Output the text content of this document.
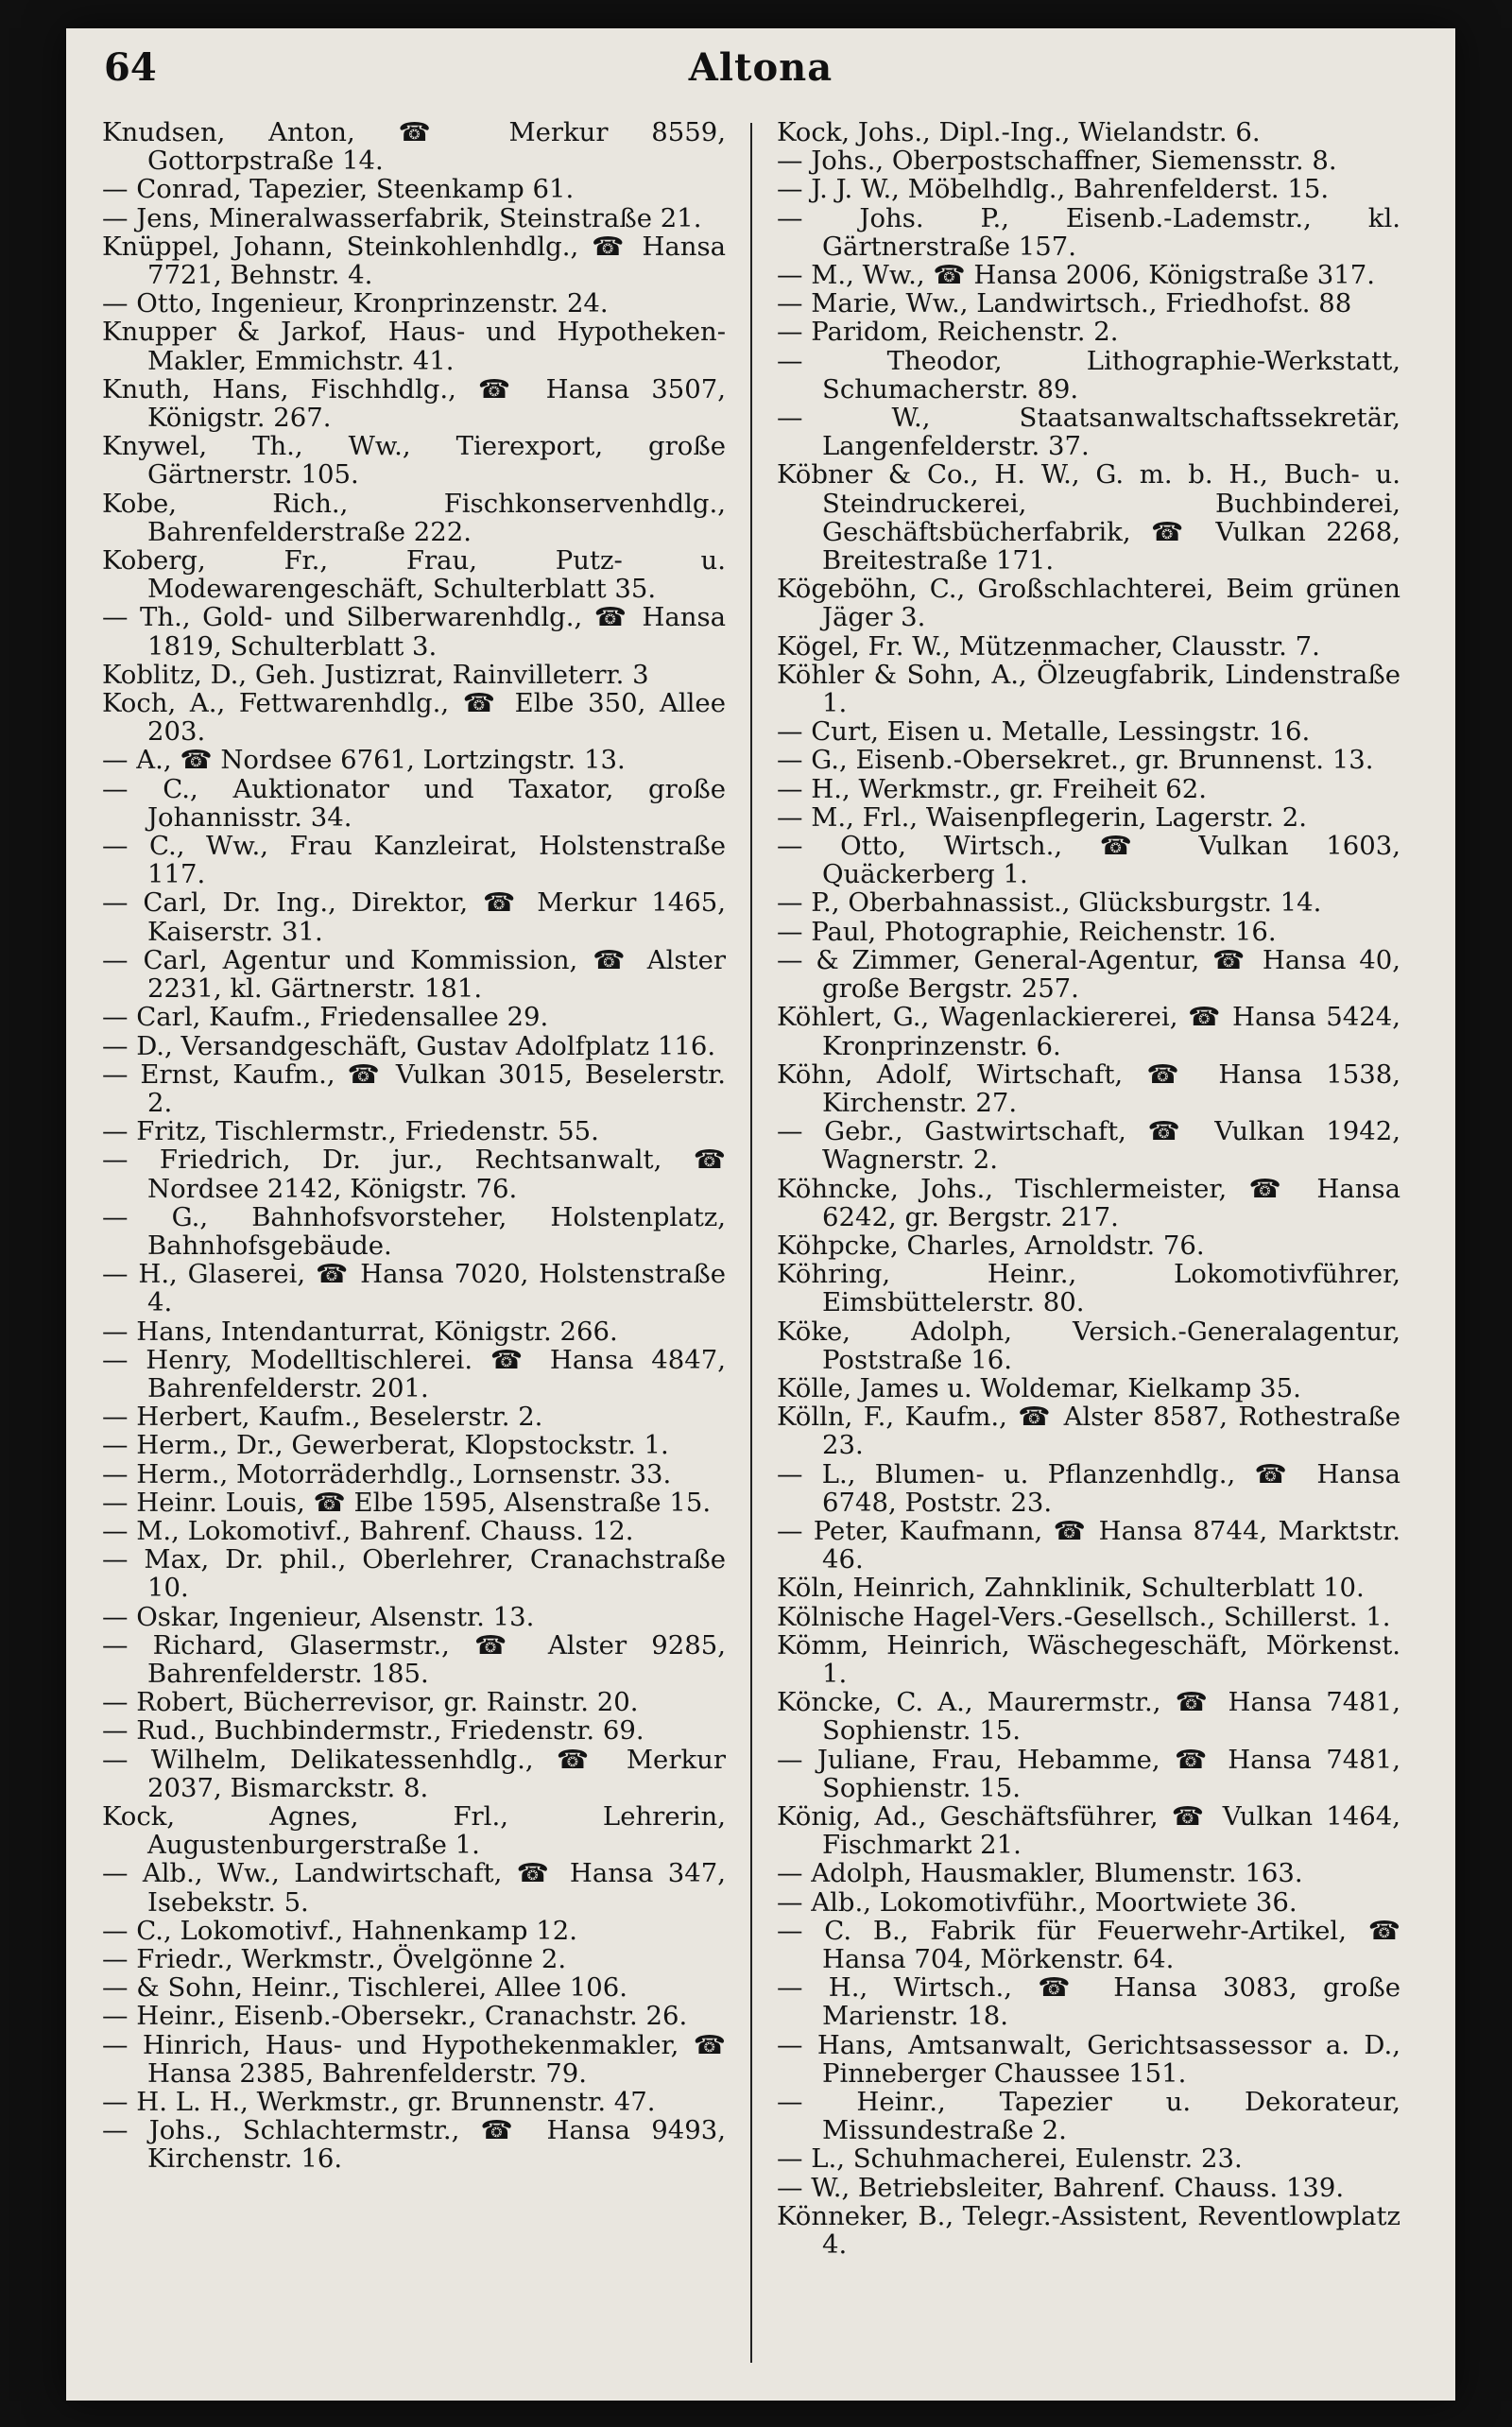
64	Altona

Knudsen, Anton, ☎ Merkur 8559, Gottorpstraße 14.

— Conrad, Tapezier, Steenkamp 61.

— Jens, Mineralwasserfabrik, Steinstraße 21.

Knüppel, Johann, Steinkohlenhdlg., ☎ Hansa 7721, Behnstr. 4.

— Otto, Ingenieur, Kronprinzenstr. 24.

Knupper & Jarkof, Haus- und Hypotheken-Makler, Emmichstr. 41.

Knuth, Hans, Fischhdlg., ☎ Hansa 3507, Königstr. 267.

Knywel, Th., Ww., Tierexport, große Gärtnerstr. 105.

Kobe, Rich., Fischkonservenhdlg., Bahrenfelderstraße 222.

Koberg, Fr., Frau, Putz- u. Modewarengeschäft, Schulterblatt 35.

— Th., Gold- und Silberwarenhdlg., ☎ Hansa 1819, Schulterblatt 3.

Koblitz, D., Geh. Justizrat, Rainvilleterr. 3

Koch, A., Fettwarenhdlg., ☎ Elbe 350, Allee 203.

— A., ☎ Nordsee 6761, Lortzingstr. 13.

— C., Auktionator und Taxator, große Johannisstr. 34.

— C., Ww., Frau Kanzleirat, Holstenstraße 117.

— Carl, Dr. Ing., Direktor, ☎ Merkur 1465, Kaiserstr. 31.

— Carl, Agentur und Kommission, ☎ Alster 2231, kl. Gärtnerstr. 181.

— Carl, Kaufm., Friedensallee 29.

— D., Versandgeschäft, Gustav Adolfplatz 116.

— Ernst, Kaufm., ☎ Vulkan 3015, Beselerstr. 2.

— Fritz, Tischlermstr., Friedenstr. 55.

— Friedrich, Dr. jur., Rechtsanwalt, ☎ Nordsee 2142, Königstr. 76.

— G., Bahnhofsvorsteher, Holstenplatz, Bahnhofsgebäude.

— H., Glaserei, ☎ Hansa 7020, Holstenstraße 4.

— Hans, Intendanturrat, Königstr. 266.

— Henry, Modelltischlerei. ☎ Hansa 4847, Bahrenfelderstr. 201.

— Herbert, Kaufm., Beselerstr. 2.

— Herm., Dr., Gewerberat, Klopstockstr. 1.

— Herm., Motorräderhdlg., Lornsenstr. 33.

— Heinr. Louis, ☎ Elbe 1595, Alsenstraße 15.

— M., Lokomotivf., Bahrenf. Chauss. 12.

— Max, Dr. phil., Oberlehrer, Cranachstraße 10.

— Oskar, Ingenieur, Alsenstr. 13.

— Richard, Glasermstr., ☎ Alster 9285, Bahrenfelderstr. 185.

— Robert, Bücherrevisor, gr. Rainstr. 20.

— Rud., Buchbindermstr., Friedenstr. 69.

— Wilhelm, Delikatessenhdlg., ☎ Merkur 2037, Bismarckstr. 8.

Kock, Agnes, Frl., Lehrerin, Augustenburgerstraße 1.

— Alb., Ww., Landwirtschaft, ☎ Hansa 347, Isebekstr. 5.

— C., Lokomotivf., Hahnenkamp 12.

— Friedr., Werkmstr., Övelgönne 2.

— & Sohn, Heinr., Tischlerei, Allee 106.

— Heinr., Eisenb.-Obersekr., Cranachstr. 26.

— Hinrich, Haus- und Hypothekenmakler, ☎ Hansa 2385, Bahrenfelderstr. 79.

— H. L. H., Werkmstr., gr. Brunnenstr. 47.

— Johs., Schlachtermstr., ☎ Hansa 9493, Kirchenstr. 16.

Kock, Johs., Dipl.-Ing., Wielandstr. 6.

— Johs., Oberpostschaffner, Siemensstr. 8.

— J. J. W., Möbelhdlg., Bahrenfelderst. 15.

— Johs. P., Eisenb.-Lademstr., kl. Gärtnerstraße 157.

— M., Ww., ☎ Hansa 2006, Königstraße 317.

— Marie, Ww., Landwirtsch., Friedhofst. 88

— Paridom, Reichenstr. 2.

— Theodor, Lithographie-Werkstatt, Schumacherstr. 89.

— W., Staatsanwaltschaftssekretär, Langenfelderstr. 37.

Köbner & Co., H. W., G. m. b. H., Buch- u. Steindruckerei, Buchbinderei, Geschäftsbücherfabrik, ☎ Vulkan 2268, Breitestraße 171.

Kögeböhn, C., Großschlachterei, Beim grünen Jäger 3.

Kögel, Fr. W., Mützenmacher, Clausstr. 7.

Köhler & Sohn, A., Ölzeugfabrik, Lindenstraße 1.

— Curt, Eisen u. Metalle, Lessingstr. 16.

— G., Eisenb.-Obersekret., gr. Brunnenst. 13.

— H., Werkmstr., gr. Freiheit 62.

— M., Frl., Waisenpflegerin, Lagerstr. 2.

— Otto, Wirtsch., ☎ Vulkan 1603, Quäckerberg 1.

— P., Oberbahnassist., Glücksburgstr. 14.

— Paul, Photographie, Reichenstr. 16.

— & Zimmer, General-Agentur, ☎ Hansa 40, große Bergstr. 257.

Köhlert, G., Wagenlackiererei, ☎ Hansa 5424, Kronprinzenstr. 6.

Köhn, Adolf, Wirtschaft, ☎ Hansa 1538, Kirchenstr. 27.

— Gebr., Gastwirtschaft, ☎ Vulkan 1942, Wagnerstr. 2.

Köhncke, Johs., Tischlermeister, ☎ Hansa 6242, gr. Bergstr. 217.

Köhpcke, Charles, Arnoldstr. 76.

Köhring, Heinr., Lokomotivführer, Eimsbüttelerstr. 80.

Köke, Adolph, Versich.-Generalagentur, Poststraße 16.

Kölle, James u. Woldemar, Kielkamp 35.

Kölln, F., Kaufm., ☎ Alster 8587, Rothestraße 23.

— L., Blumen- u. Pflanzenhdlg., ☎ Hansa 6748, Poststr. 23.

— Peter, Kaufmann, ☎ Hansa 8744, Marktstr. 46.

Köln, Heinrich, Zahnklinik, Schulterblatt 10.

Kölnische Hagel-Vers.-Gesellsch., Schillerst. 1.

Kömm, Heinrich, Wäschegeschäft, Mörkenst. 1.

Köncke, C. A., Maurermstr., ☎ Hansa 7481, Sophienstr. 15.

— Juliane, Frau, Hebamme, ☎ Hansa 7481, Sophienstr. 15.

König, Ad., Geschäftsführer, ☎ Vulkan 1464, Fischmarkt 21.

— Adolph, Hausmakler, Blumenstr. 163.

— Alb., Lokomotivführ., Moortwiete 36.

— C. B., Fabrik für Feuerwehr-Artikel, ☎ Hansa 704, Mörkenstr. 64.

— H., Wirtsch., ☎ Hansa 3083, große Marienstr. 18.

— Hans, Amtsanwalt, Gerichtsassessor a. D., Pinneberger Chaussee 151.

— Heinr., Tapezier u. Dekorateur, Missundestraße 2.

— L., Schuhmacherei, Eulenstr. 23.

— W., Betriebsleiter, Bahrenf. Chauss. 139.

Könneker, B., Telegr.-Assistent, Reventlowplatz 4.
